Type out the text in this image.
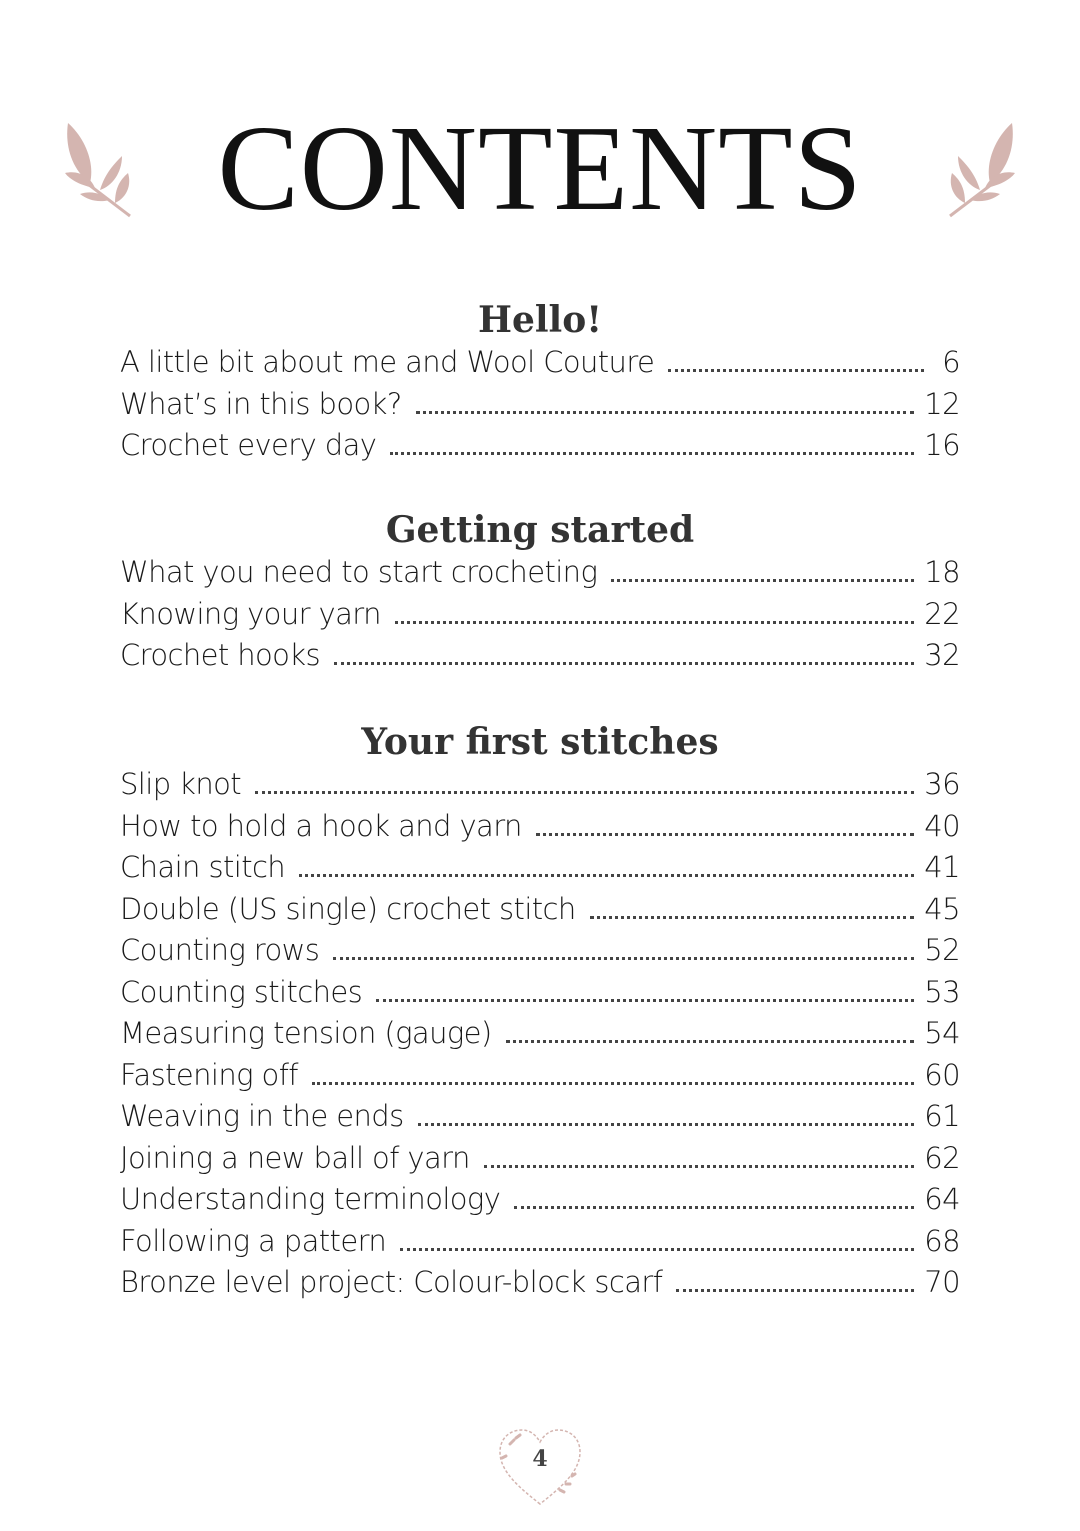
CONTENTS
Hello!
A little bit about me and Wool Couture	6
What’s in this book?	12
Crochet every day	16
Getting started
What you need to start crocheting	18
Knowing your yarn	22
Crochet hooks	32
Your first stitches
Slip knot	36
How to hold a hook and yarn	40
Chain stitch	41
Double (US single) crochet stitch	45
Counting rows	52
Counting stitches	53
Measuring tension (gauge)	54
Fastening off	60
Weaving in the ends	61
Joining a new ball of yarn	62
Understanding terminology	64
Following a pattern	68
Bronze level project: Colour-block scarf	70
4
